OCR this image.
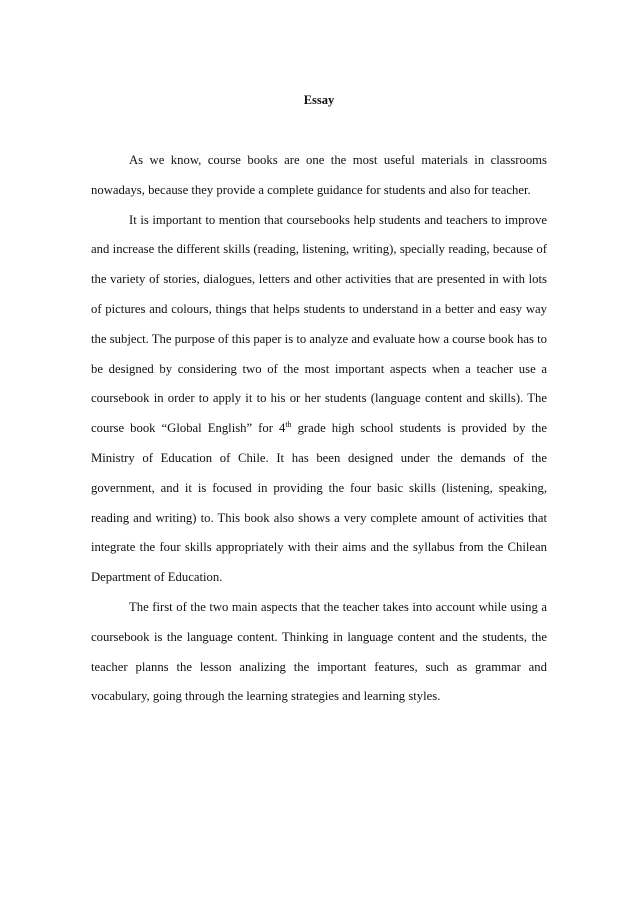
Essay

As we know, course books are one the most useful materials in classrooms nowadays, because they provide a complete guidance for students and also for teacher.

It is important to mention that coursebooks help students and teachers to improve and increase the different skills (reading, listening, writing), specially reading, because of the variety of stories, dialogues, letters and other activities that are presented in with lots of pictures and colours, things that helps students to understand in a better and easy way the subject. The purpose of this paper is to analyze and evaluate how a course book has to be designed by considering two of the most important aspects when a teacher use a coursebook in order to apply it to his or her students (language content and skills). The course book “Global English” for 4th grade high school students is provided by the Ministry of Education of Chile. It has been designed under the demands of the government, and it is focused in providing the four basic skills (listening, speaking, reading and writing) to. This book also shows a very complete amount of activities that integrate the four skills appropriately with their aims and the syllabus from the Chilean Department of Education.

The first of the two main aspects that the teacher takes into account while using a coursebook is the language content. Thinking in language content and the students, the teacher planns the lesson analizing the important features, such as grammar and vocabulary, going through the learning strategies and learning styles.
